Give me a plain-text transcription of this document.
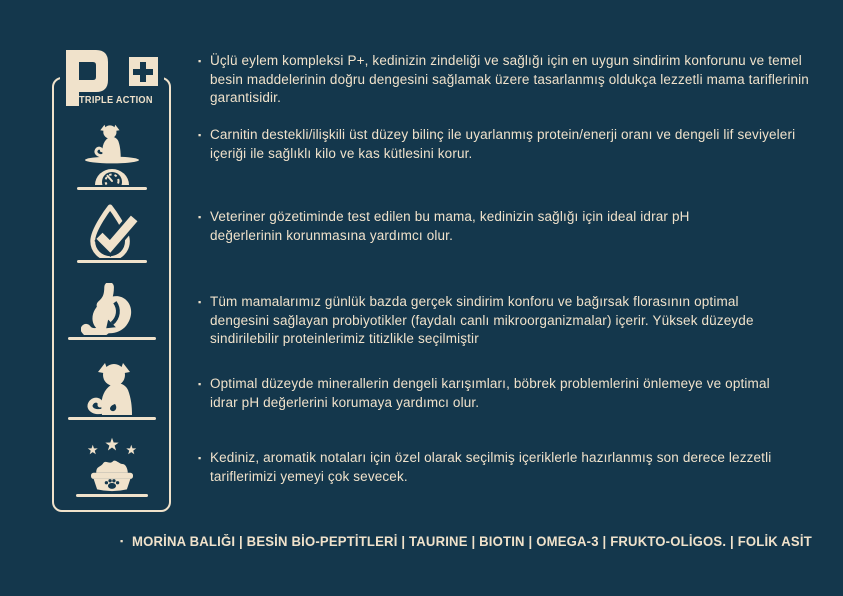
TRIPLE ACTION
▪ Üçlü eylem kompleksi P+, kedinizin zindeliği ve sağlığı için en uygun sindirim konforunu ve temel besin maddelerinin doğru dengesini sağlamak üzere tasarlanmış oldukça lezzetli mama tariflerinin garantisidir.

▪ Carnitin destekli/ilişkili üst düzey bilinç ile uyarlanmış protein/enerji oranı ve dengeli lif seviyeleri içeriği ile sağlıklı kilo ve kas kütlesini korur.

▪ Veteriner gözetiminde test edilen bu mama, kedinizin sağlığı için ideal idrar pH değerlerinin korunmasına yardımcı olur.

▪ Tüm mamalarımız günlük bazda gerçek sindirim konforu ve bağırsak florasının optimal dengesini sağlayan probiyotikler (faydalı canlı mikroorganizmalar) içerir. Yüksek düzeyde sindirilebilir proteinlerimiz titizlikle seçilmiştir

▪ Optimal düzeyde minerallerin dengeli karışımları, böbrek problemlerini önlemeye ve optimal idrar pH değerlerini korumaya yardımcı olur.

▪ Kediniz, aromatik notaları için özel olarak seçilmiş içeriklerle hazırlanmış son derece lezzetli tariflerimizi yemeyi çok sevecek.

▪ MORİNA BALIĞI | BESİN BİO-PEPTİTLERİ | TAURINE | BIOTIN | OMEGA-3 | FRUKTO-OLİGOS. | FOLİK ASİT
